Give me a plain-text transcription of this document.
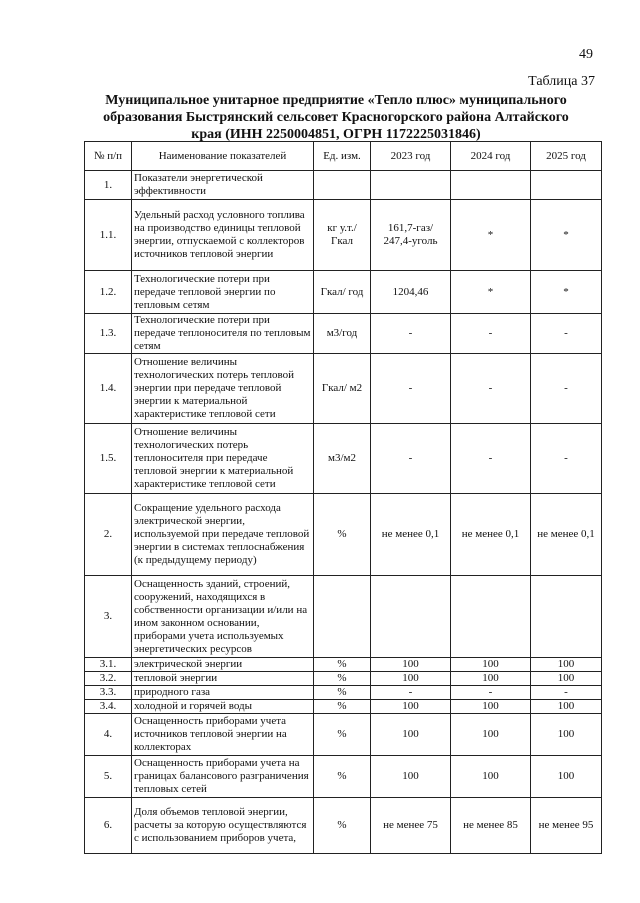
49
Таблица 37
Муниципальное унитарное предприятие «Тепло плюс» муниципального
образования Быстрянский сельсовет Красногорского района Алтайского
края (ИНН 2250004851, ОГРН 1172225031846)
№ п/п	Наименование показателей	Ед. изм.	2023 год	2024 год	2025 год
1.	Показатели энергетической эффективности				
1.1.	Удельный расход условного топлива на производство единицы тепловой энергии, отпускаемой с коллекторов источников тепловой энергии	кг у.т./ Гкал	161,7-газ/ 247,4-уголь	*	*
1.2.	Технологические потери при передаче тепловой энергии по тепловым сетям	Гкал/ год	1204,46	*	*
1.3.	Технологические потери при передаче теплоносителя по тепловым сетям	м3/год	-	-	-
1.4.	Отношение величины технологических потерь тепловой энергии при передаче тепловой энергии к материальной характеристике тепловой сети	Гкал/ м2	-	-	-
1.5.	Отношение величины технологических потерь теплоносителя при передаче тепловой энергии к материальной характеристике тепловой сети	м3/м2	-	-	-
2.	Сокращение удельного расхода электрической энергии, используемой при передаче тепловой энергии в системах теплоснабжения (к предыдущему периоду)	%	не менее 0,1	не менее 0,1	не менее 0,1
3.	Оснащенность зданий, строений, сооружений, находящихся в собственности организации и/или на ином законном основании, приборами учета используемых энергетических ресурсов				
3.1.	электрической энергии	%	100	100	100
3.2.	тепловой энергии	%	100	100	100
3.3.	природного газа	%	-	-	-
3.4.	холодной и горячей воды	%	100	100	100
4.	Оснащенность приборами учета источников тепловой энергии на коллекторах	%	100	100	100
5.	Оснащенность приборами учета на границах балансового разграничения тепловых сетей	%	100	100	100
6.	Доля объемов тепловой энергии, расчеты за которую осуществляются с использованием приборов учета,	%	не менее 75	не менее 85	не менее 95
